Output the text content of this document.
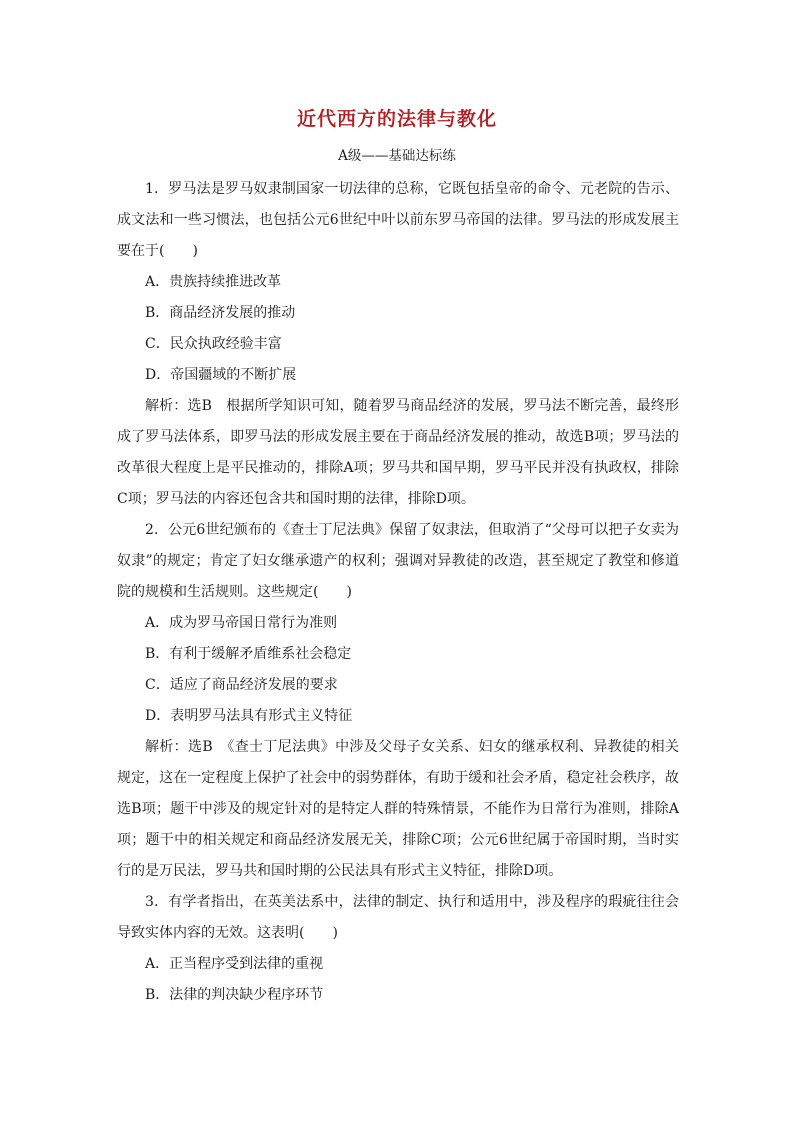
近代西方的法律与教化
A级——基础达标练

1．罗马法是罗马奴隶制国家一切法律的总称，它既包括皇帝的命令、元老院的告示、成文法和一些习惯法，也包括公元6世纪中叶以前东罗马帝国的法律。罗马法的形成发展主要在于(　　)

A．贵族持续推进改革

B．商品经济发展的推动

C．民众执政经验丰富

D．帝国疆域的不断扩展

解析：选B　根据所学知识可知，随着罗马商品经济的发展，罗马法不断完善，最终形成了罗马法体系，即罗马法的形成发展主要在于商品经济发展的推动，故选B项；罗马法的改革很大程度上是平民推动的，排除A项；罗马共和国早期，罗马平民并没有执政权，排除C项；罗马法的内容还包含共和国时期的法律，排除D项。

2．公元6世纪颁布的《查士丁尼法典》保留了奴隶法，但取消了“父母可以把子女卖为奴隶”的规定；肯定了妇女继承遗产的权利；强调对异教徒的改造，甚至规定了教堂和修道院的规模和生活规则。这些规定(　　)

A．成为罗马帝国日常行为准则

B．有利于缓解矛盾维系社会稳定

C．适应了商品经济发展的要求

D．表明罗马法具有形式主义特征

解析：选B　《查士丁尼法典》中涉及父母子女关系、妇女的继承权利、异教徒的相关规定，这在一定程度上保护了社会中的弱势群体，有助于缓和社会矛盾，稳定社会秩序，故选B项；题干中涉及的规定针对的是特定人群的特殊情景，不能作为日常行为准则，排除A项；题干中的相关规定和商品经济发展无关，排除C项；公元6世纪属于帝国时期，当时实行的是万民法，罗马共和国时期的公民法具有形式主义特征，排除D项。

3．有学者指出，在英美法系中，法律的制定、执行和适用中，涉及程序的瑕疵往往会导致实体内容的无效。这表明(　　)

A．正当程序受到法律的重视

B．法律的判决缺少程序环节
